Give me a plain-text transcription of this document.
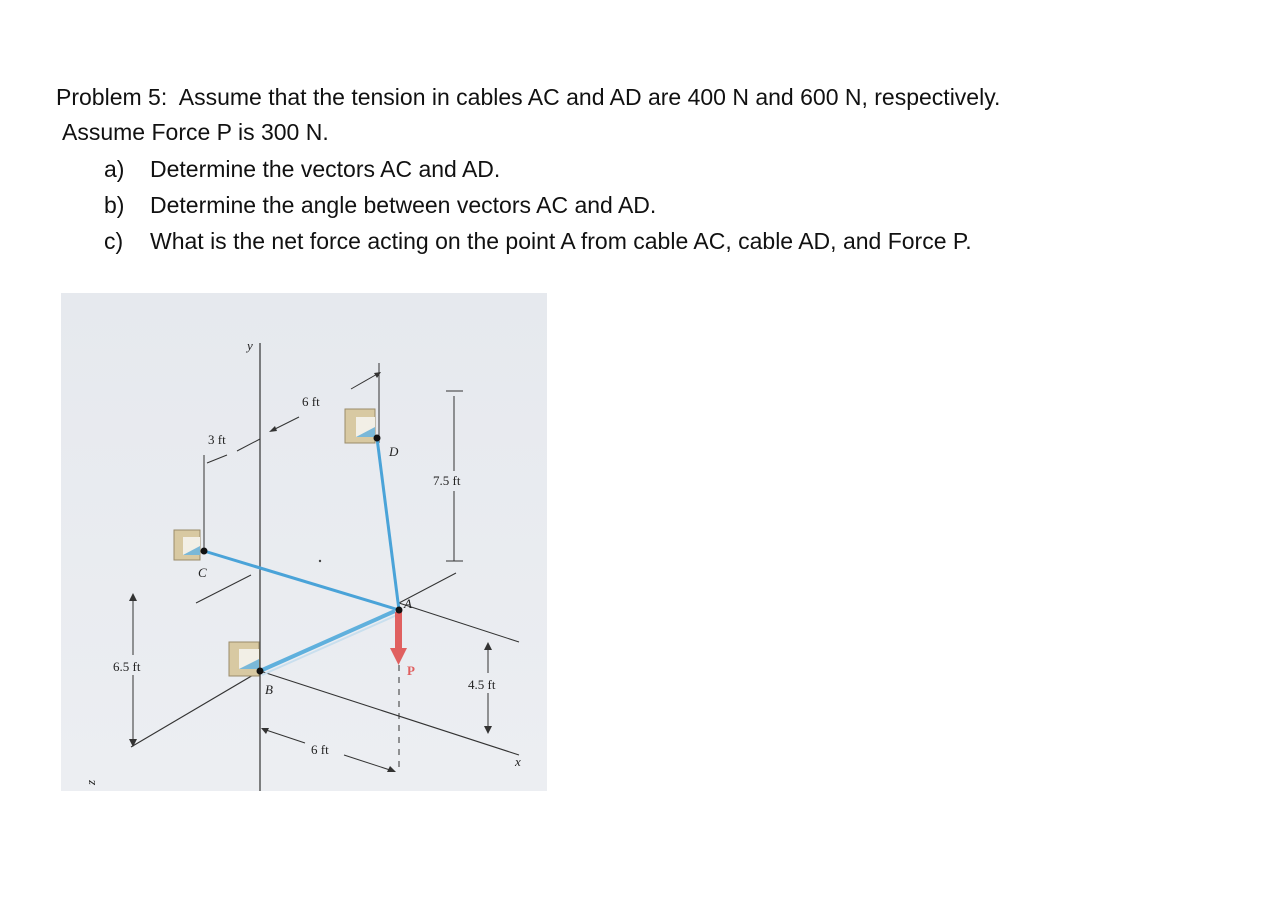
Problem 5: Assume that the tension in cables AC and AD are 400 N and 600 N, respectively.
Assume Force P is 300 N.
a) Determine the vectors AC and AD.
b) Determine the angle between vectors AC and AD.
c) What is the net force acting on the point A from cable AC, cable AD, and Force P.
6 ft
3 ft
7.5 ft
6.5 ft
4.5 ft
6 ft
C
D
A
B
P
y
x
z
